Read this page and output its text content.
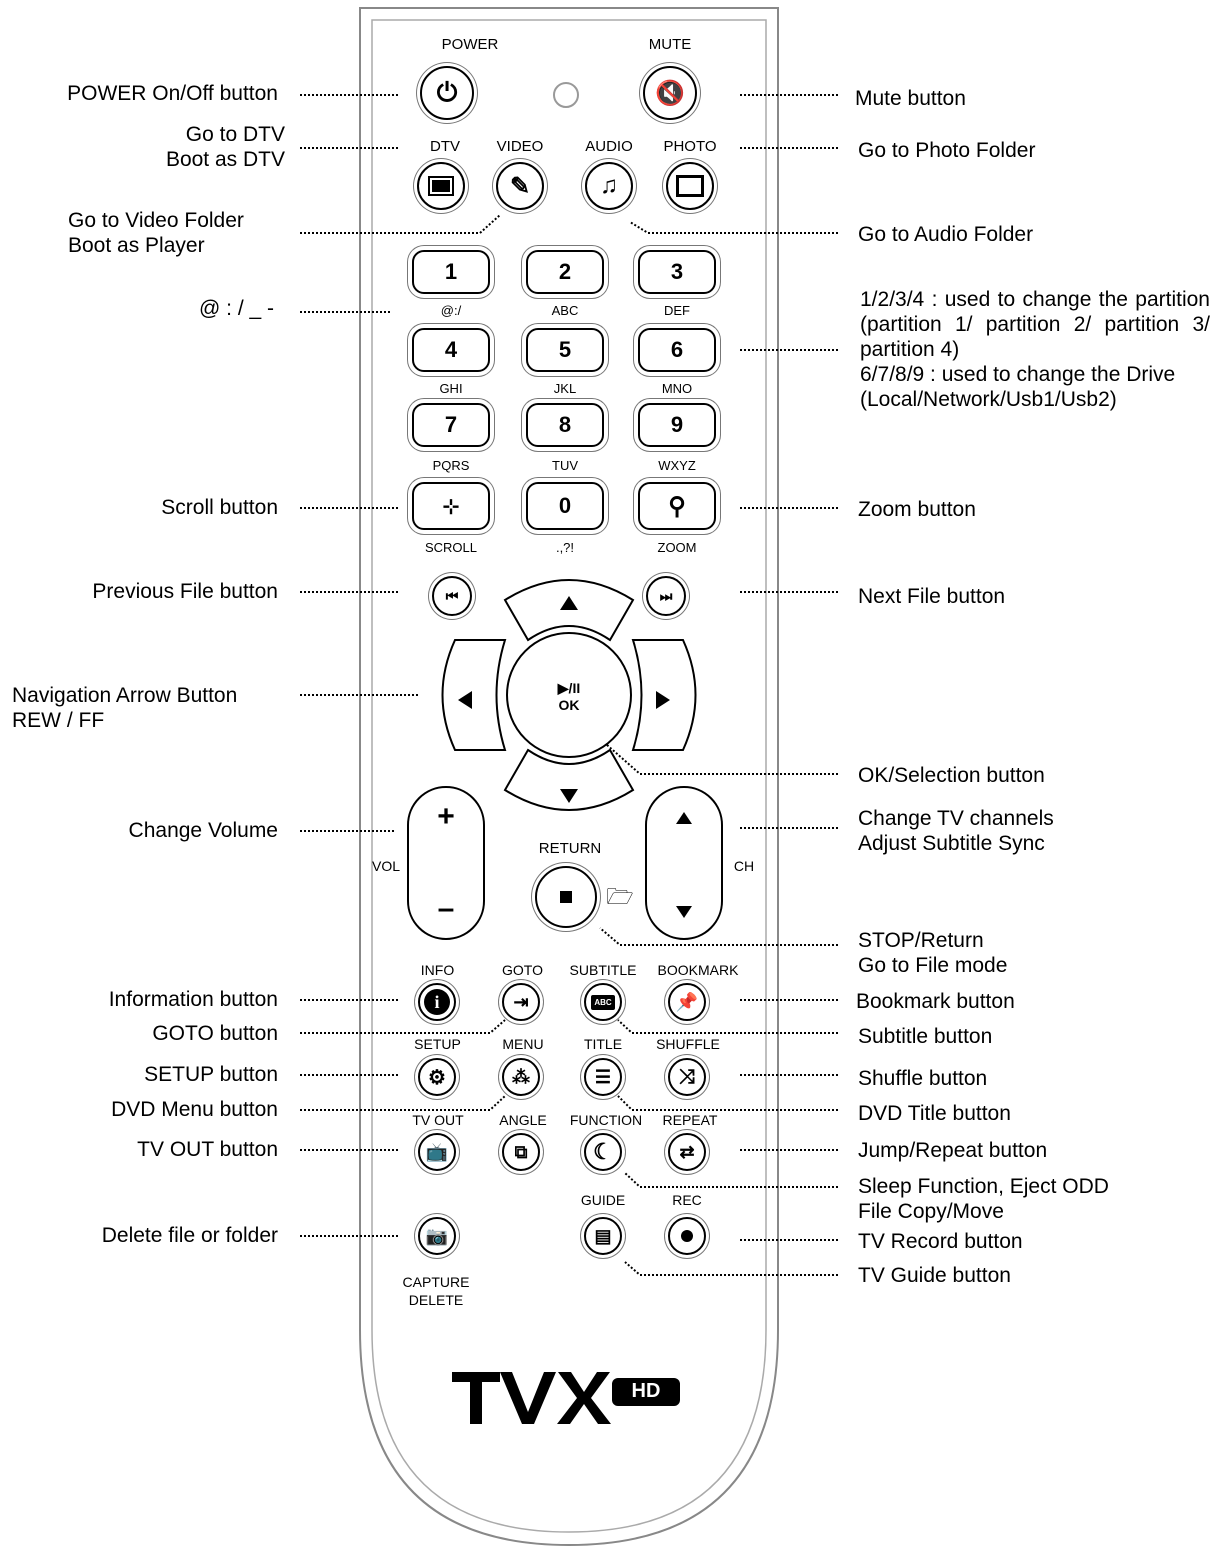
HD
POWER
⏻
MUTE
🔇
DTV	VIDEO
✎
AUDIO
♫
PHOTO
1	2	3
@:/	ABC	DEF
4	5	6
GHI	JKL	MNO
7	8	9
PQRS	TUV	WXYZ
⊹	0	⚲
SCROLL	.,?!	ZOOM
⏮	⏭
▶/II
OK
+
–
VOL	CH
RETURN
🗁
INFO	GOTO	SUBTITLE	BOOKMARK
i	⇥	ABC	📌
SETUP	MENU	TITLE	SHUFFLE
⚙	⁂	☰	⤨
TV OUT	ANGLE	FUNCTION	REPEAT
📺	⧉	☾	⇄
GUIDE	REC
📷	▤
CAPTURE
DELETE
POWER On/Off button
Go to DTV
Boot as DTV
Go to Video Folder
Boot as Player
@ : / _ -
Scroll button
Previous File button
Navigation Arrow Button
REW / FF
Change Volume
Information button
GOTO button
SETUP button
DVD Menu button
TV OUT button
Delete file or folder
Mute button
Go to Photo Folder
Go to Audio Folder
1/2/3/4 : used to change the partition (partition 1/ partition 2/ partition 3/ partition 4)
6/7/8/9 : used to change the Drive
(Local/Network/Usb1/Usb2)
Zoom button
Next File button
OK/Selection button
Change TV channels
Adjust Subtitle Sync
STOP/Return
Go to File mode
Bookmark button
Subtitle button
Shuffle button
DVD Title button
Jump/Repeat button
Sleep Function, Eject ODD
File Copy/Move
TV Record button
TV Guide button
